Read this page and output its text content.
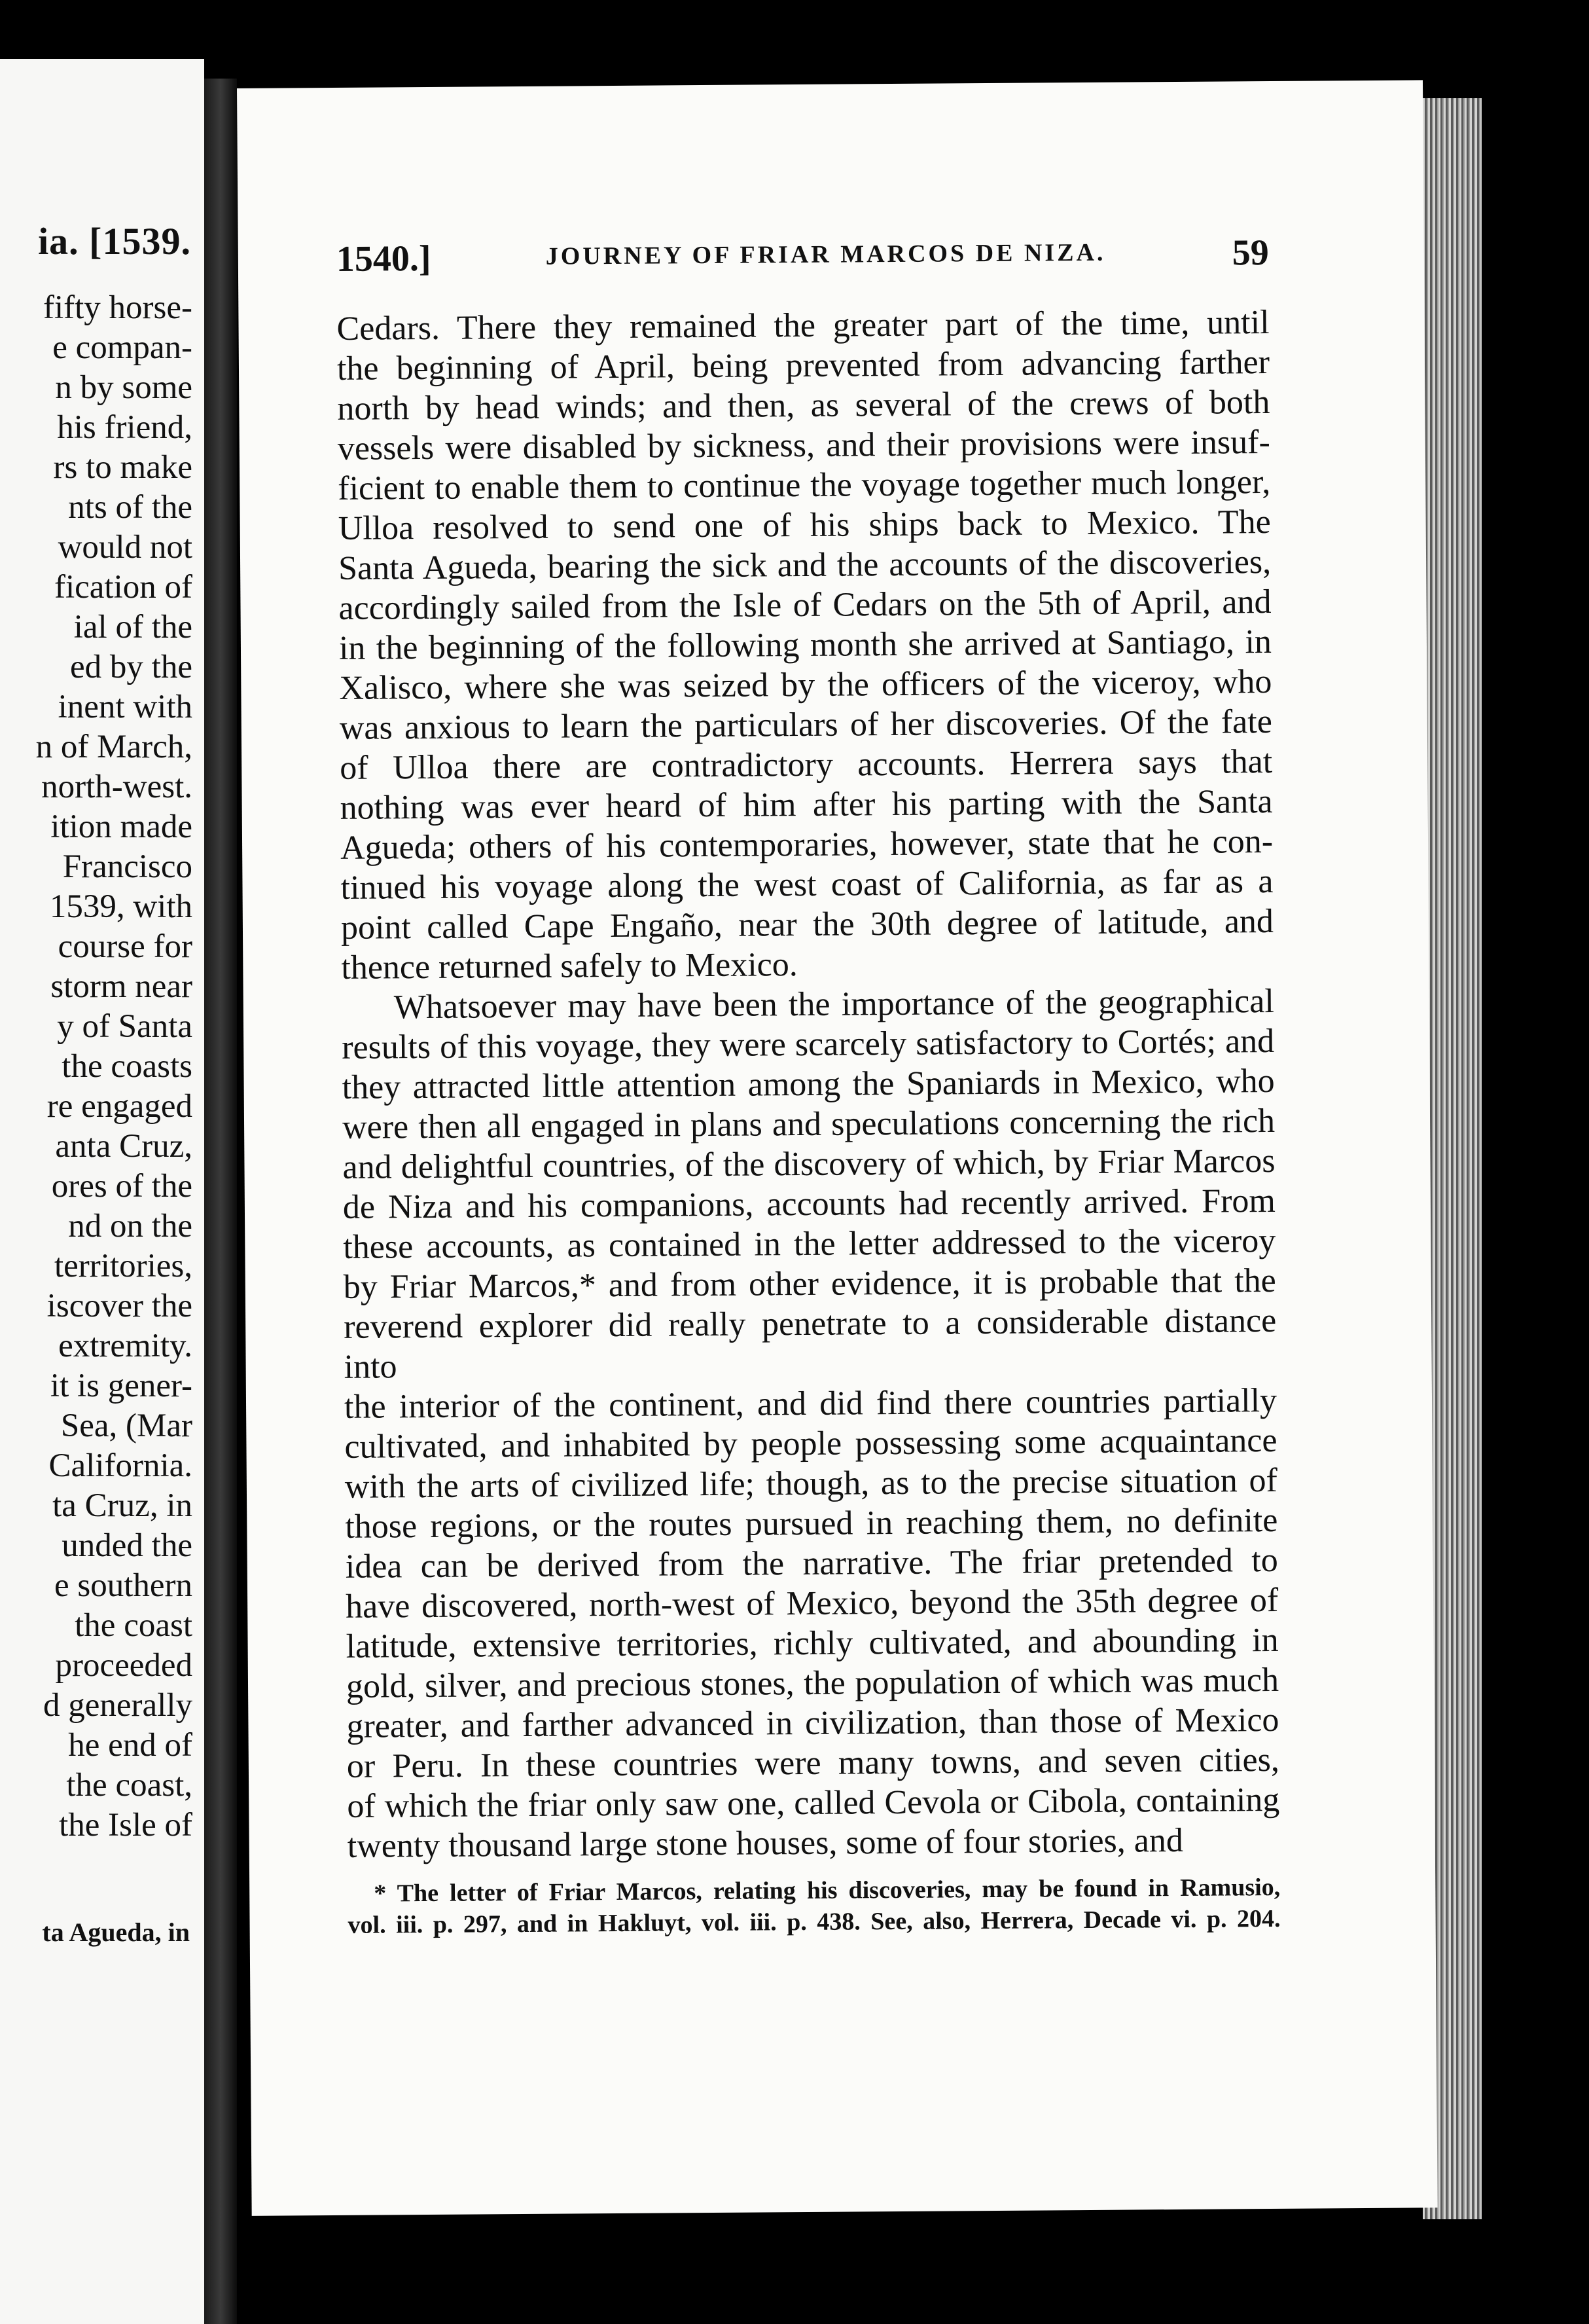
ia. [1539.

fifty horse-
e compan-
n by some
his friend,
rs to make
nts of the
would not
fication of
ial of the
ed by the
inent with
n of March,
north-west.
ition made
Francisco
1539, with
course for
storm near
y of Santa
the coasts
re engaged
anta Cruz,
ores of the
nd on the
territories,
iscover the
extremity.
it is gener-
Sea, (Mar
California.
ta Cruz, in
unded the
e southern
the coast
proceeded
d generally
he end of
the coast,
the Isle of

ta Agueda, in

1540.]	JOURNEY OF FRIAR MARCOS DE NIZA.	59

Cedars. There they remained the greater part of the time, until

the beginning of April, being prevented from advancing farther

north by head winds; and then, as several of the crews of both

vessels were disabled by sickness, and their provisions were insuf-

ficient to enable them to continue the voyage together much longer,

Ulloa resolved to send one of his ships back to Mexico. The

Santa Agueda, bearing the sick and the accounts of the discoveries,

accordingly sailed from the Isle of Cedars on the 5th of April, and

in the beginning of the following month she arrived at Santiago, in

Xalisco, where she was seized by the officers of the viceroy, who

was anxious to learn the particulars of her discoveries. Of the fate

of Ulloa there are contradictory accounts. Herrera says that

nothing was ever heard of him after his parting with the Santa

Agueda; others of his contemporaries, however, state that he con-

tinued his voyage along the west coast of California, as far as a

point called Cape Engaño, near the 30th degree of latitude, and

thence returned safely to Mexico.

Whatsoever may have been the importance of the geographical

results of this voyage, they were scarcely satisfactory to Cortés; and

they attracted little attention among the Spaniards in Mexico, who

were then all engaged in plans and speculations concerning the rich

and delightful countries, of the discovery of which, by Friar Marcos

de Niza and his companions, accounts had recently arrived. From

these accounts, as contained in the letter addressed to the viceroy

by Friar Marcos,* and from other evidence, it is probable that the

reverend explorer did really penetrate to a considerable distance into

the interior of the continent, and did find there countries partially

cultivated, and inhabited by people possessing some acquaintance

with the arts of civilized life; though, as to the precise situation of

those regions, or the routes pursued in reaching them, no definite

idea can be derived from the narrative. The friar pretended to

have discovered, north-west of Mexico, beyond the 35th degree of

latitude, extensive territories, richly cultivated, and abounding in

gold, silver, and precious stones, the population of which was much

greater, and farther advanced in civilization, than those of Mexico

or Peru. In these countries were many towns, and seven cities,

of which the friar only saw one, called Cevola or Cibola, containing

twenty thousand large stone houses, some of four stories, and

* The letter of Friar Marcos, relating his discoveries, may be found in Ramusio,
vol. iii. p. 297, and in Hakluyt, vol. iii. p. 438. See, also, Herrera, Decade vi. p. 204.
